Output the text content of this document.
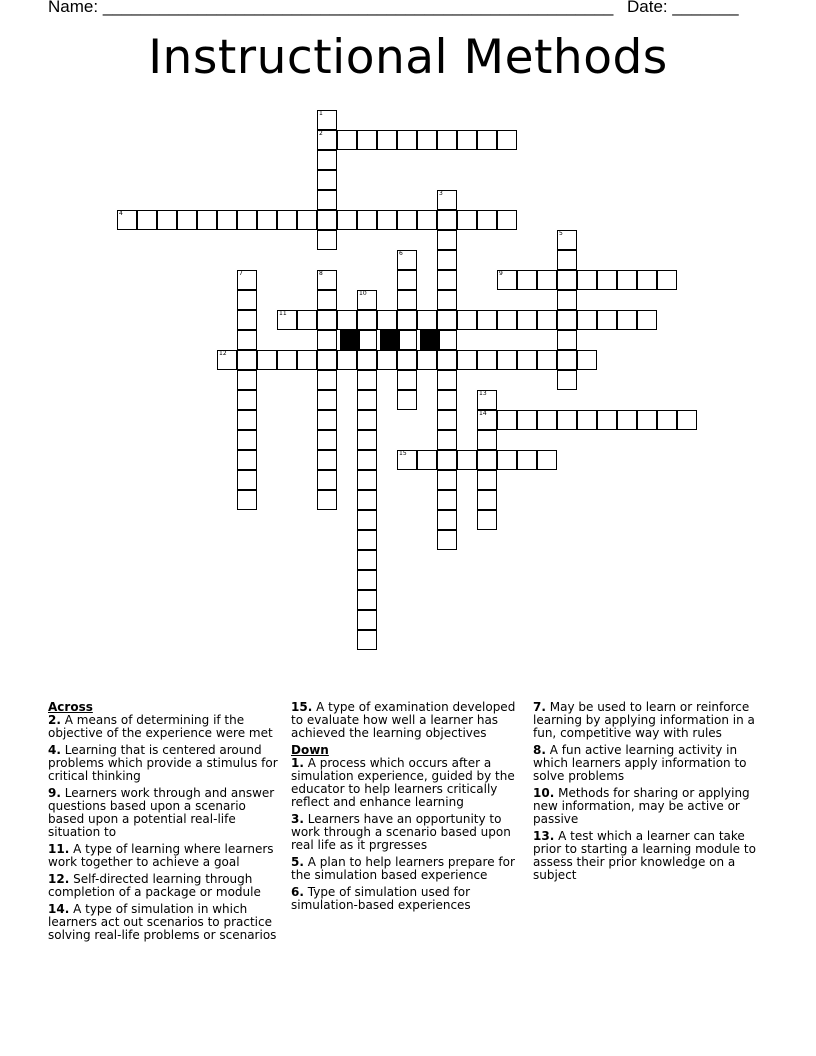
Name: ______________________________________________________ Date: _______
Instructional Methods
1
2
3
4
5
6
7	8	9
10
11
12
13
14
15
Across
2. A means of determining if the objective of the experience were met
4. Learning that is centered around problems which provide a stimulus for critical thinking
9. Learners work through and answer questions based upon a scenario based upon a potential real-life situation to
11. A type of learning where learners work together to achieve a goal
12. Self-directed learning through completion of a package or module
14. A type of simulation in which learners act out scenarios to practice solving real-life problems or scenarios
15. A type of examination developed to evaluate how well a learner has achieved the learning objectives
Down
1. A process which occurs after a simulation experience, guided by the educator to help learners critically reflect and enhance learning
3. Learners have an opportunity to work through a scenario based upon real life as it prgresses
5. A plan to help learners prepare for the simulation based experience
6. Type of simulation used for simulation-based experiences
7. May be used to learn or reinforce learning by applying information in a fun, competitive way with rules
8. A fun active learning activity in which learners apply information to solve problems
10. Methods for sharing or applying new information, may be active or passive
13. A test which a learner can take prior to starting a learning module to assess their prior knowledge on a subject
